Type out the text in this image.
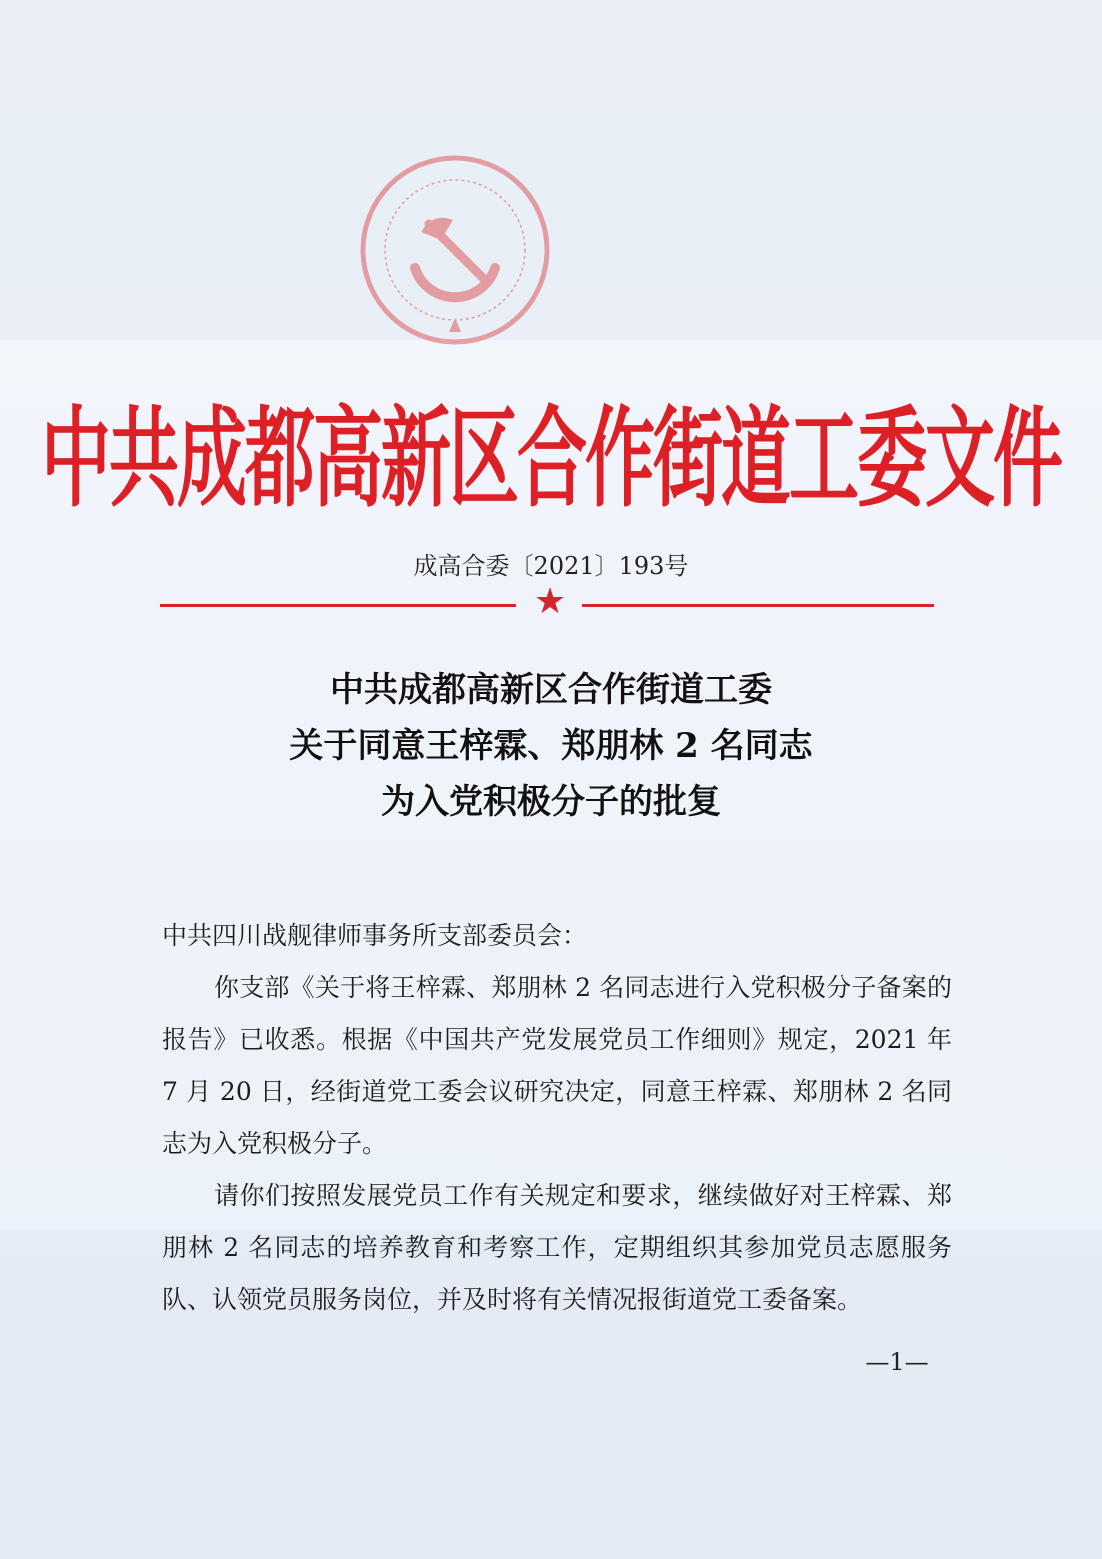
中共成都高新区合作街道工委文件
成高合委〔2021〕193号
★
中共成都高新区合作街道工委
关于同意王梓霖、郑朋林 2 名同志
为入党积极分子的批复

中共四川战舰律师事务所支部委员会：

你支部《关于将王梓霖、郑朋林 2 名同志进行入党积极分子备案的报告》已收悉。根据《中国共产党发展党员工作细则》规定，2021 年 7 月 20 日，经街道党工委会议研究决定，同意王梓霖、郑朋林 2 名同志为入党积极分子。

请你们按照发展党员工作有关规定和要求，继续做好对王梓霖、郑朋林 2 名同志的培养教育和考察工作，定期组织其参加党员志愿服务队、认领党员服务岗位，并及时将有关情况报街道党工委备案。

—1—
